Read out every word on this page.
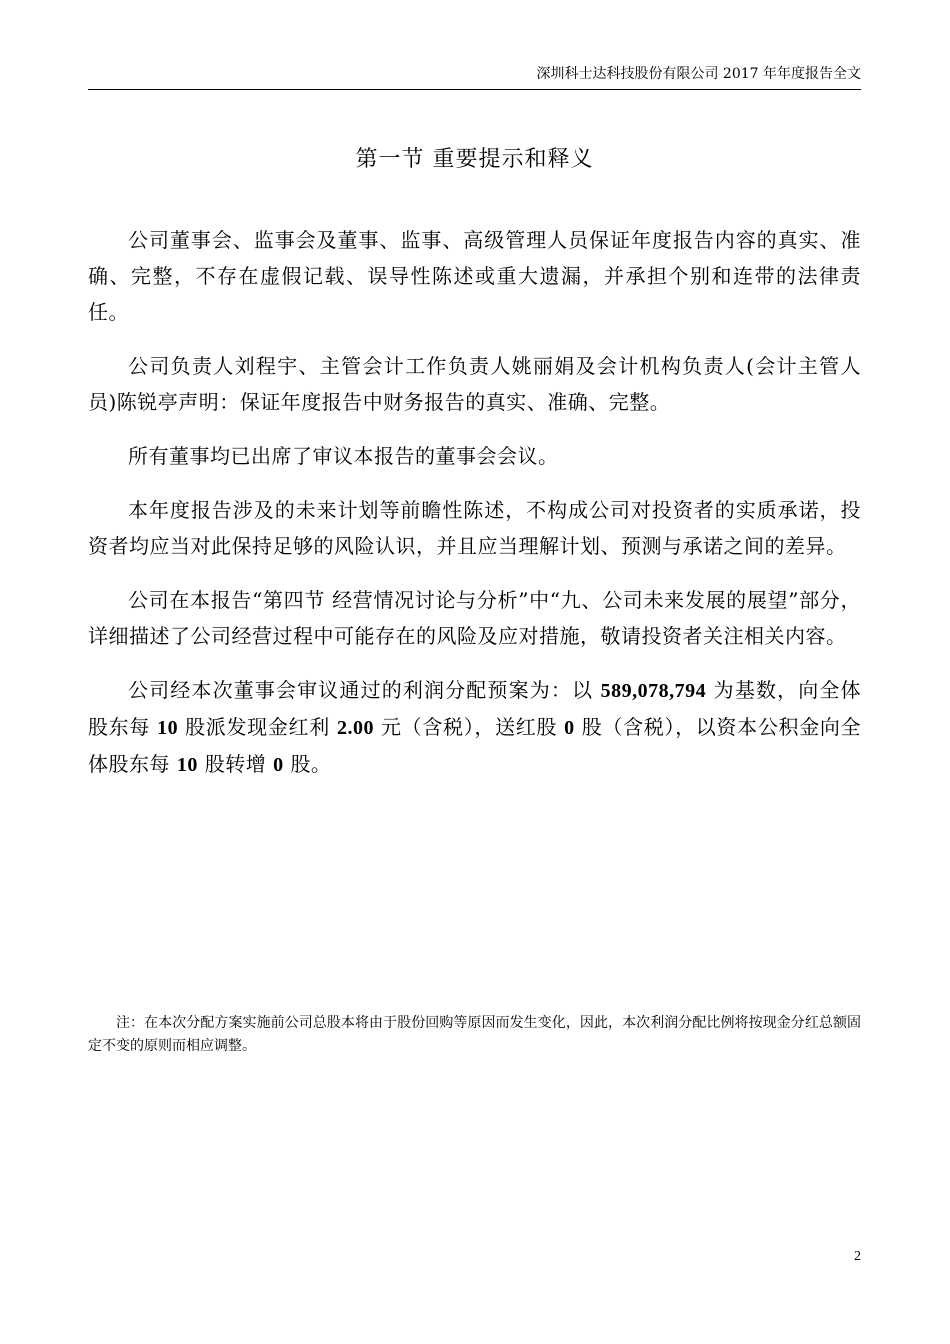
深圳科士达科技股份有限公司 2017 年年度报告全文
第一节 重要提示和释义

公司董事会、监事会及董事、监事、高级管理人员保证年度报告内容的真实、准确、完整，不存在虚假记载、误导性陈述或重大遗漏，并承担个别和连带的法律责任。

公司负责人刘程宇、主管会计工作负责人姚丽娟及会计机构负责人(会计主管人员)陈锐亭声明：保证年度报告中财务报告的真实、准确、完整。

所有董事均已出席了审议本报告的董事会会议。

本年度报告涉及的未来计划等前瞻性陈述，不构成公司对投资者的实质承诺，投资者均应当对此保持足够的风险认识，并且应当理解计划、预测与承诺之间的差异。

公司在本报告“第四节 经营情况讨论与分析”中“九、公司未来发展的展望”部分，详细描述了公司经营过程中可能存在的风险及应对措施，敬请投资者关注相关内容。

公司经本次董事会审议通过的利润分配预案为：以 589,078,794 为基数，向全体股东每 10 股派发现金红利 2.00 元（含税），送红股 0 股（含税），以资本公积金向全体股东每 10 股转增 0 股。

注：在本次分配方案实施前公司总股本将由于股份回购等原因而发生变化，因此，本次利润分配比例将按现金分红总额固定不变的原则而相应调整。

2
